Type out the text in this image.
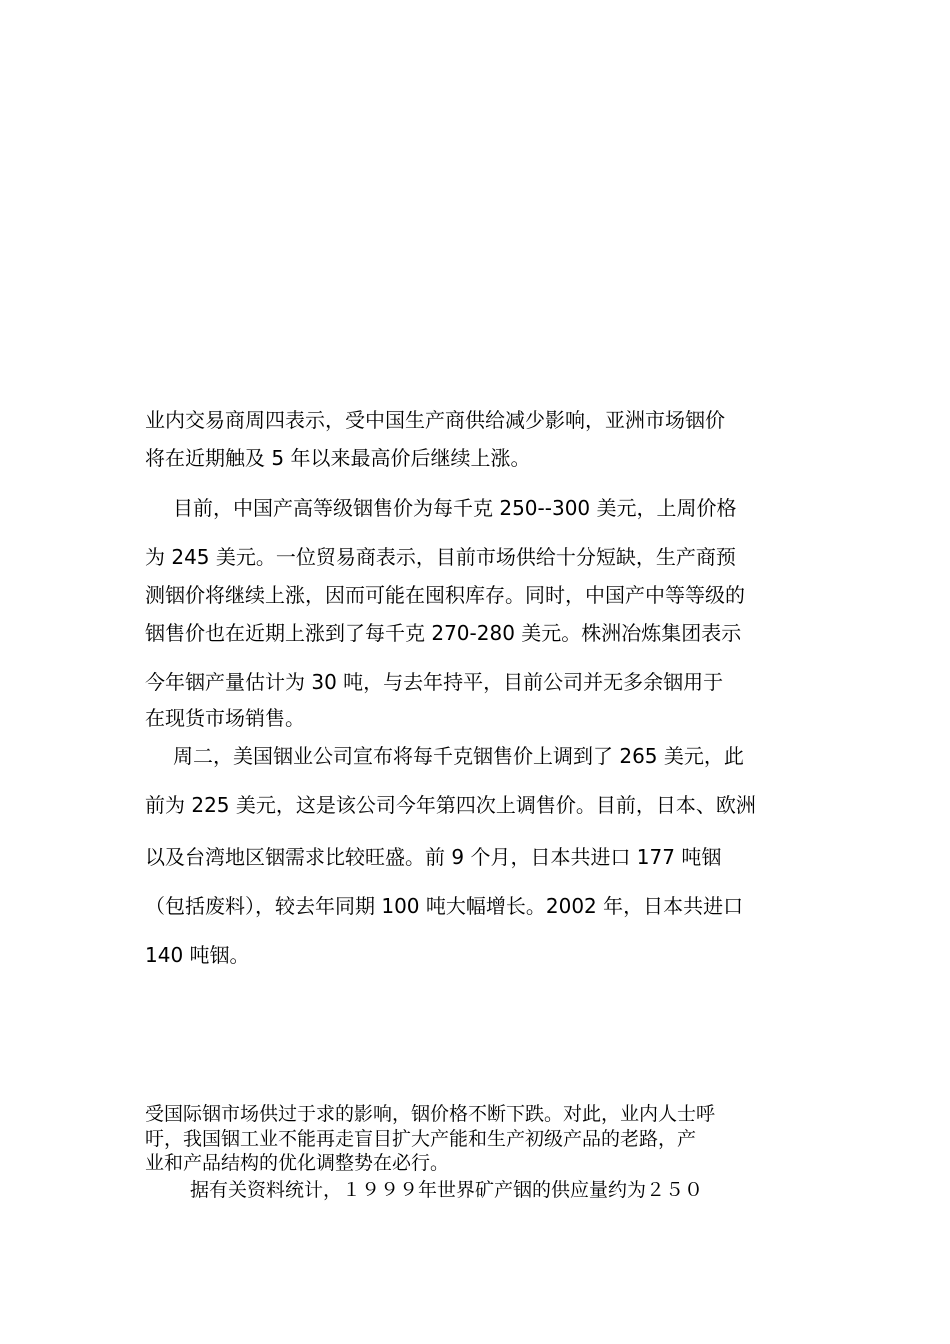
业内交易商周四表示，受中国生产商供给减少影响，亚洲市场铟价
将在近期触及 5 年以来最高价后继续上涨。
目前，中国产高等级铟售价为每千克 250--300 美元，上周价格
为 245 美元。一位贸易商表示，目前市场供给十分短缺，生产商预
测铟价将继续上涨，因而可能在囤积库存。同时，中国产中等等级的
铟售价也在近期上涨到了每千克 270-280 美元。株洲冶炼集团表示
今年铟产量估计为 30 吨，与去年持平，目前公司并无多余铟用于
在现货市场销售。
周二，美国铟业公司宣布将每千克铟售价上调到了 265 美元，此
前为 225 美元，这是该公司今年第四次上调售价。目前，日本、欧洲
以及台湾地区铟需求比较旺盛。前 9 个月，日本共进口 177 吨铟
（包括废料），较去年同期 100 吨大幅增长。2002 年，日本共进口
140 吨铟。
受国际铟市场供过于求的影响，铟价格不断下跌。对此，业内人士呼
吁，我国铟工业不能再走盲目扩大产能和生产初级产品的老路，产
业和产品结构的优化调整势在必行。
据有关资料统计，１９９９年世界矿产铟的供应量约为２５０
